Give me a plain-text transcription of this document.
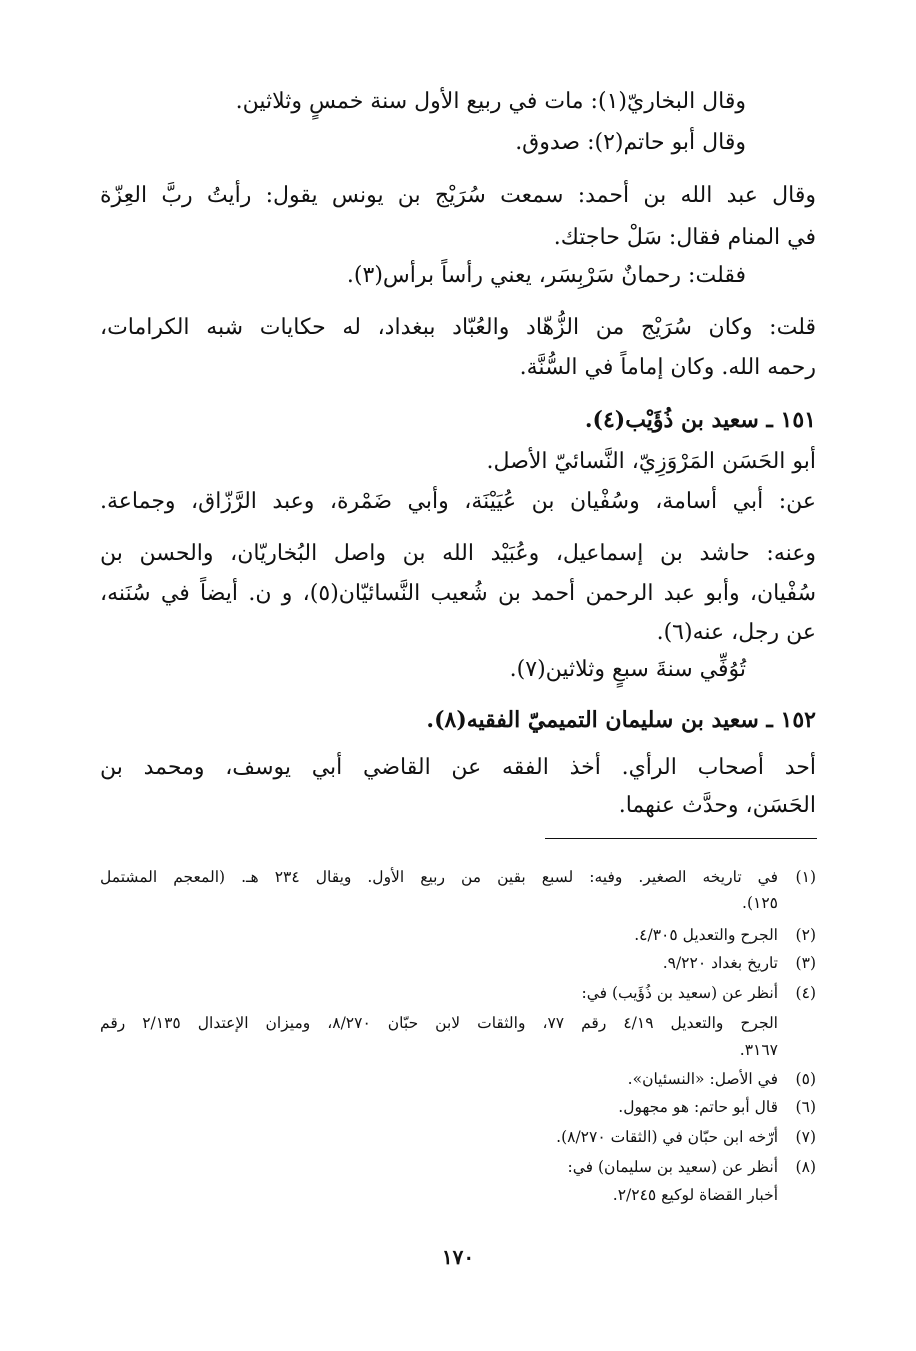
وقال البخاريّ(١): مات في ربيع الأول سنة خمسٍ وثلاثين.
وقال أبو حاتم(٢): صدوق.
وقال عبد الله بن أحمد: سمعت سُرَيْج بن يونس يقول: رأيتُ ربَّ العِزّة
في المنام فقال: سَلْ حاجتك.
فقلت: رحمانٌ سَرْبِسَر، يعني رأساً برأس(٣).
قلت: وكان سُرَيْج من الزُّهّاد والعُبّاد ببغداد، له حكايات شبه الكرامات،
رحمه الله. وكان إماماً في السُّنَّة.
١٥١ ـ سعيد بن ذُؤَيْب(٤).
أبو الحَسَن المَرْوَزِيّ، النَّسائيّ الأصل.
عن: أبي أسامة، وسُفْيان بن عُيَيْنَة، وأبي ضَمْرة، وعبد الرَّزّاق، وجماعة.
وعنه: حاشد بن إسماعيل، وعُبَيْد الله بن واصل البُخاريّان، والحسن بن
سُفْيان، وأبو عبد الرحمن أحمد بن شُعيب النَّسائيّان(٥)، و ن. أيضاً في سُنَنه،
عن رجل، عنه(٦).
تُوُفِّي سنةَ سبعٍ وثلاثين(٧).
١٥٢ ـ سعيد بن سليمان التميميّ الفقيه(٨).
أحد أصحاب الرأي. أخذ الفقه عن القاضي أبي يوسف، ومحمد بن
الحَسَن، وحدَّث عنهما.
(١)
في تاريخه الصغير. وفيه: لسبع بقين من ربيع الأول. ويقال ٢٣٤ هـ. (المعجم المشتمل
١٢٥).
(٢)
الجرح والتعديل ٤/٣٠٥.
(٣)
تاريخ بغداد ٩/٢٢٠.
(٤)
أنظر عن (سعيد بن ذُؤَيب) في:
الجرح والتعديل ٤/١٩ رقم ٧٧، والثقات لابن حبّان ٨/٢٧٠، وميزان الإعتدال ٢/١٣٥ رقم
٣١٦٧.
(٥)
في الأصل: «النسئيان».
(٦)
قال أبو حاتم: هو مجهول.
(٧)
أرّخه ابن حبّان في (الثقات ٨/٢٧٠).
(٨)
أنظر عن (سعيد بن سليمان) في:
أخبار القضاة لوكيع ٢/٢٤٥.
١٧٠
